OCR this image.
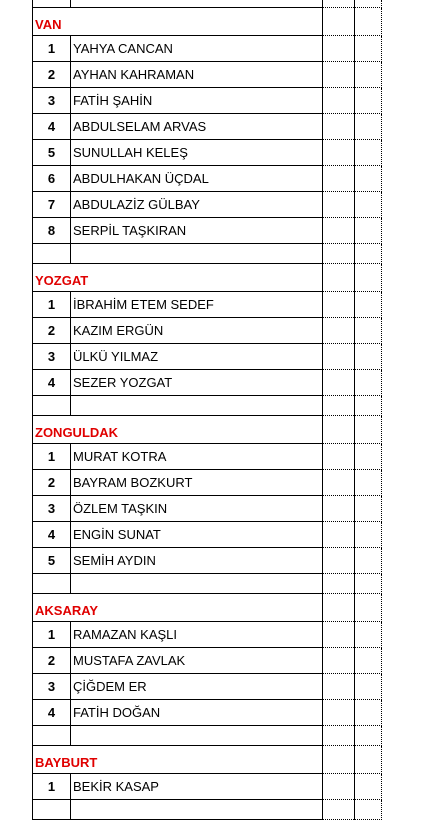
VAN
1	YAHYA CANCAN
2	AYHAN KAHRAMAN
3	FATİH ŞAHİN
4	ABDULSELAM ARVAS
5	SUNULLAH KELEŞ
6	ABDULHAKAN ÜÇDAL
7	ABDULAZİZ GÜLBAY
8	SERPİL TAŞKIRAN
YOZGAT
1	İBRAHİM ETEM SEDEF
2	KAZIM ERGÜN
3	ÜLKÜ YILMAZ
4	SEZER YOZGAT
ZONGULDAK
1	MURAT KOTRA
2	BAYRAM BOZKURT
3	ÖZLEM TAŞKIN
4	ENGİN SUNAT
5	SEMİH AYDIN
AKSARAY
1	RAMAZAN KAŞLI
2	MUSTAFA ZAVLAK
3	ÇİĞDEM ER
4	FATİH DOĞAN
BAYBURT
1	BEKİR KASAP
